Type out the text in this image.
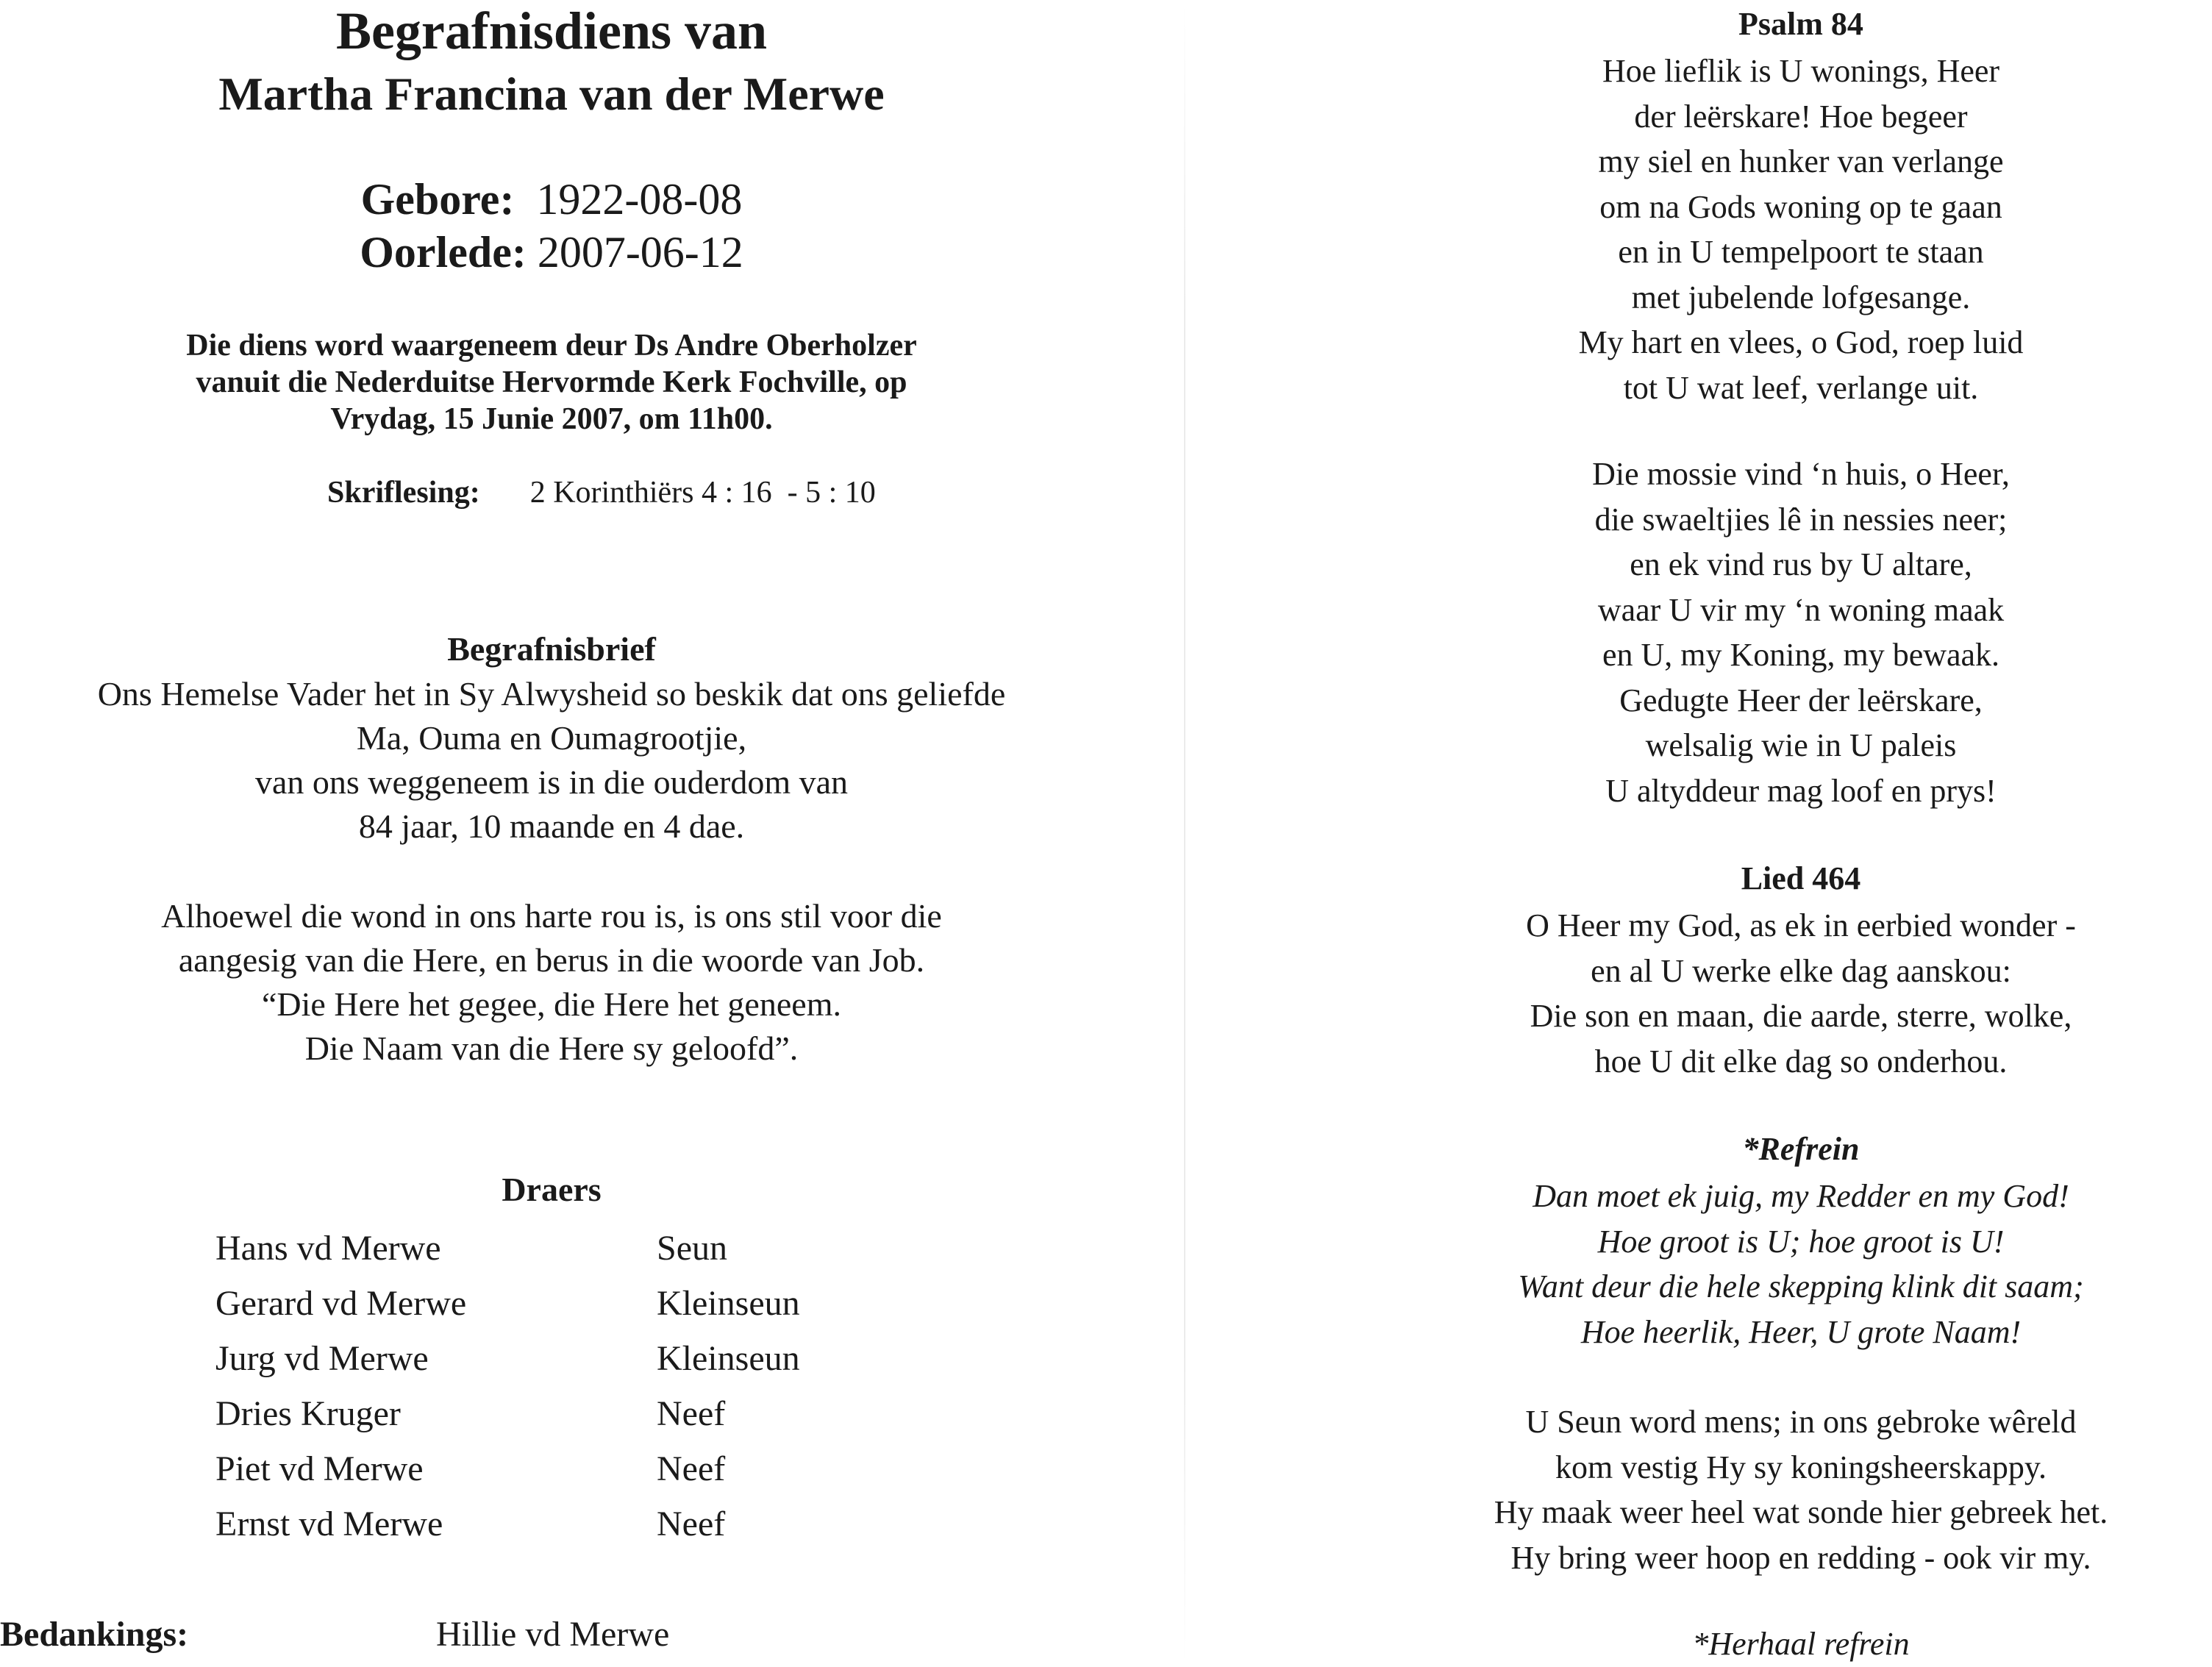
Begrafnisdiens van
Martha Francina van der Merwe
Gebore: 1922-08-08
Oorlede: 2007-06-12
Die diens word waargeneem deur Ds Andre Oberholzer
vanuit die Nederduitse Hervormde Kerk Fochville, op
Vrydag, 15 Junie 2007, om 11h00.
Skriflesing: 2 Korinthiërs 4 : 16  - 5 : 10
Begrafnisbrief
Ons Hemelse Vader het in Sy Alwysheid so beskik dat ons geliefde
Ma, Ouma en Oumagrootjie,
van ons weggeneem is in die ouderdom van
84 jaar, 10 maande en 4 dae.
Alhoewel die wond in ons harte rou is, is ons stil voor die
aangesig van die Here, en berus in die woorde van Job.
“Die Here het gegee, die Here het geneem.
Die Naam van die Here sy geloofd”.
Draers
Hans vd Merwe	Seun
Gerard vd Merwe	Kleinseun
Jurg vd Merwe	Kleinseun
Dries Kruger	Neef
Piet vd Merwe	Neef
Ernst vd Merwe	Neef
Bedankings:	Hillie vd Merwe
Psalm 84
Hoe lieflik is U wonings, Heer
der leërskare! Hoe begeer
my siel en hunker van verlange
om na Gods woning op te gaan
en in U tempelpoort te staan
met jubelende lofgesange.
My hart en vlees, o God, roep luid
tot U wat leef, verlange uit.
Die mossie vind ‘n huis, o Heer,
die swaeltjies lê in nessies neer;
en ek vind rus by U altare,
waar U vir my ‘n woning maak
en U, my Koning, my bewaak.
Gedugte Heer der leërskare,
welsalig wie in U paleis
U altyddeur mag loof en prys!
Lied 464
O Heer my God, as ek in eerbied wonder -
en al U werke elke dag aanskou:
Die son en maan, die aarde, sterre, wolke,
hoe U dit elke dag so onderhou.
*Refrein
Dan moet ek juig, my Redder en my God!
Hoe groot is U; hoe groot is U!
Want deur die hele skepping klink dit saam;
Hoe heerlik, Heer, U grote Naam!
U Seun word mens; in ons gebroke wêreld
kom vestig Hy sy koningsheerskappy.
Hy maak weer heel wat sonde hier gebreek het.
Hy bring weer hoop en redding - ook vir my.
*Herhaal refrein
